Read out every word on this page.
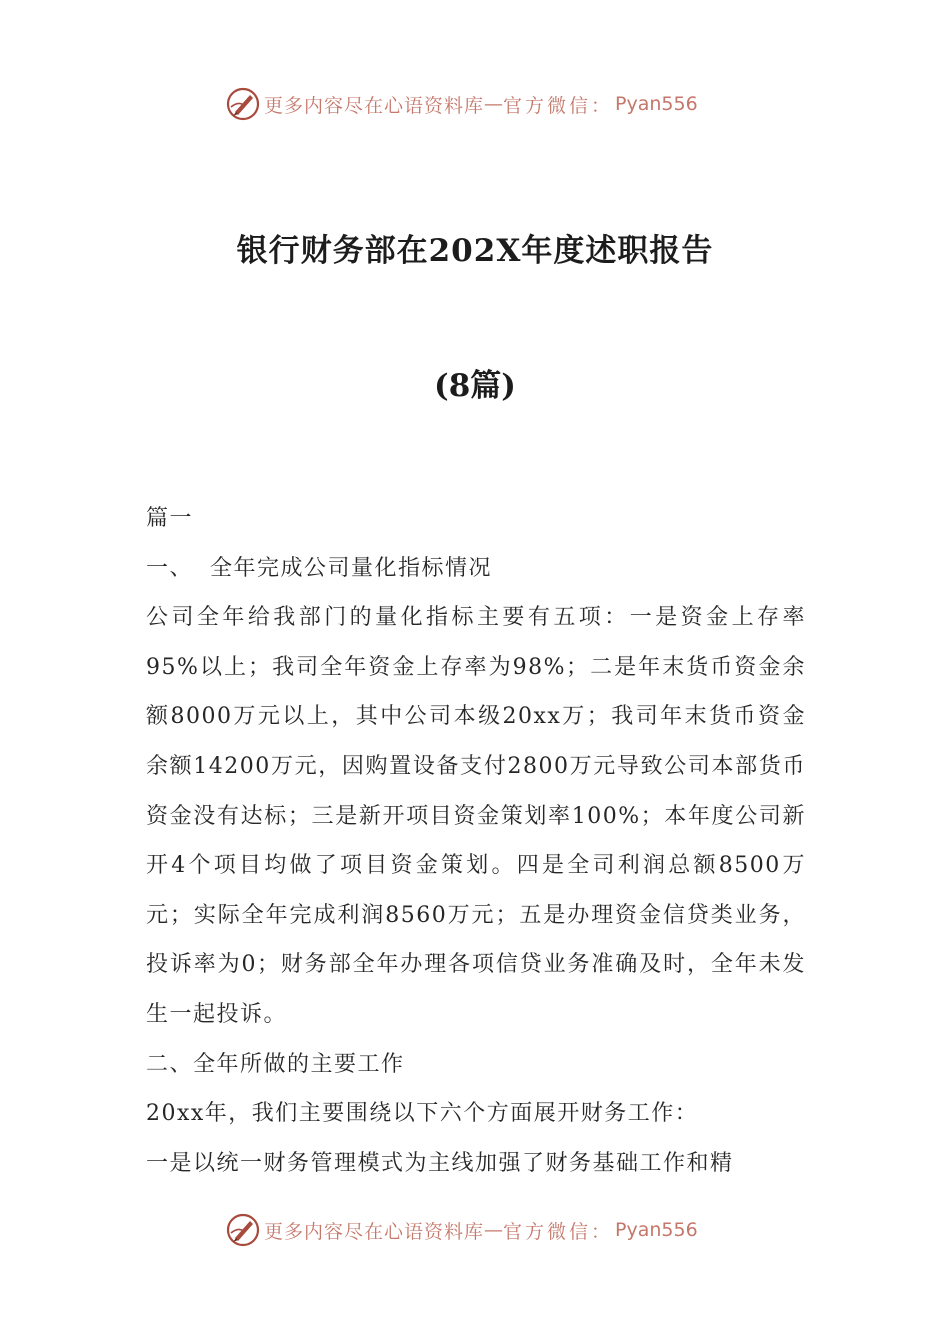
更多内容尽在心语资料库 — 官方微信： Pyan556
银行财务部在202X年度述职报告
(8篇)

篇一

一、  全年完成公司量化指标情况

公司全年给我部门的量化指标主要有五项：一是资金上存率95%以上；我司全年资金上存率为98%；二是年末货币资金余额8000万元以上，其中公司本级20xx万；我司年末货币资金余额14200万元，因购置设备支付2800万元导致公司本部货币资金没有达标；三是新开项目资金策划率100%；本年度公司新开4个项目均做了项目资金策划。四是全司利润总额8500万元；实际全年完成利润8560万元；五是办理资金信贷类业务，投诉率为0；财务部全年办理各项信贷业务准确及时，全年未发生一起投诉。

二、全年所做的主要工作

20xx年，我们主要围绕以下六个方面展开财务工作：

一是以统一财务管理模式为主线加强了财务基础工作和精

更多内容尽在心语资料库 — 官方微信： Pyan556
